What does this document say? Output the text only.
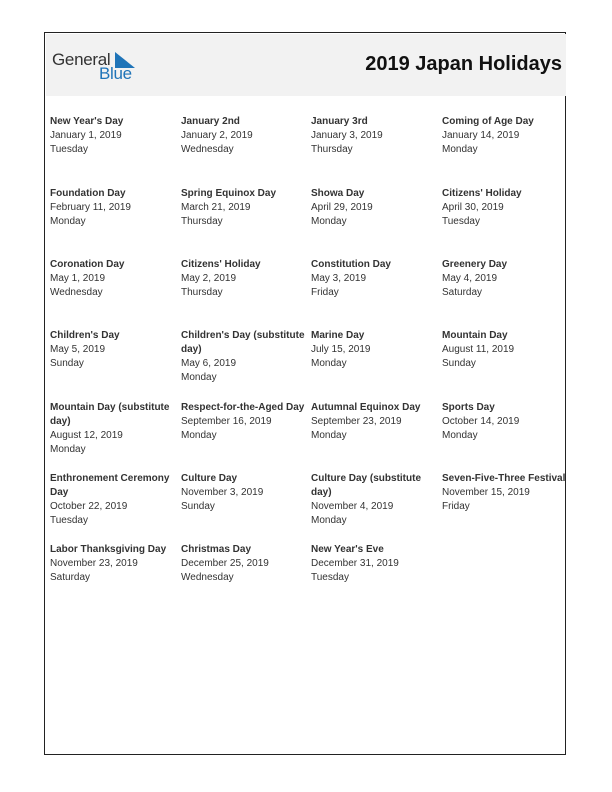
General
Blue	2019 Japan Holidays
New Year's Day
January 1, 2019
Tuesday
January 2nd
January 2, 2019
Wednesday
January 3rd
January 3, 2019
Thursday
Coming of Age Day
January 14, 2019
Monday
Foundation Day
February 11, 2019
Monday
Spring Equinox Day
March 21, 2019
Thursday
Showa Day
April 29, 2019
Monday
Citizens' Holiday
April 30, 2019
Tuesday
Coronation Day
May 1, 2019
Wednesday
Citizens' Holiday
May 2, 2019
Thursday
Constitution Day
May 3, 2019
Friday
Greenery Day
May 4, 2019
Saturday
Children's Day
May 5, 2019
Sunday
Children's Day (substitute day)
May 6, 2019
Monday
Marine Day
July 15, 2019
Monday
Mountain Day
August 11, 2019
Sunday
Mountain Day (substitute day)
August 12, 2019
Monday
Respect-for-the-Aged Day
September 16, 2019
Monday
Autumnal Equinox Day
September 23, 2019
Monday
Sports Day
October 14, 2019
Monday
Enthronement Ceremony Day
October 22, 2019
Tuesday
Culture Day
November 3, 2019
Sunday
Culture Day (substitute day)
November 4, 2019
Monday
Seven-Five-Three Festival
November 15, 2019
Friday
Labor Thanksgiving Day
November 23, 2019
Saturday
Christmas Day
December 25, 2019
Wednesday
New Year's Eve
December 31, 2019
Tuesday
